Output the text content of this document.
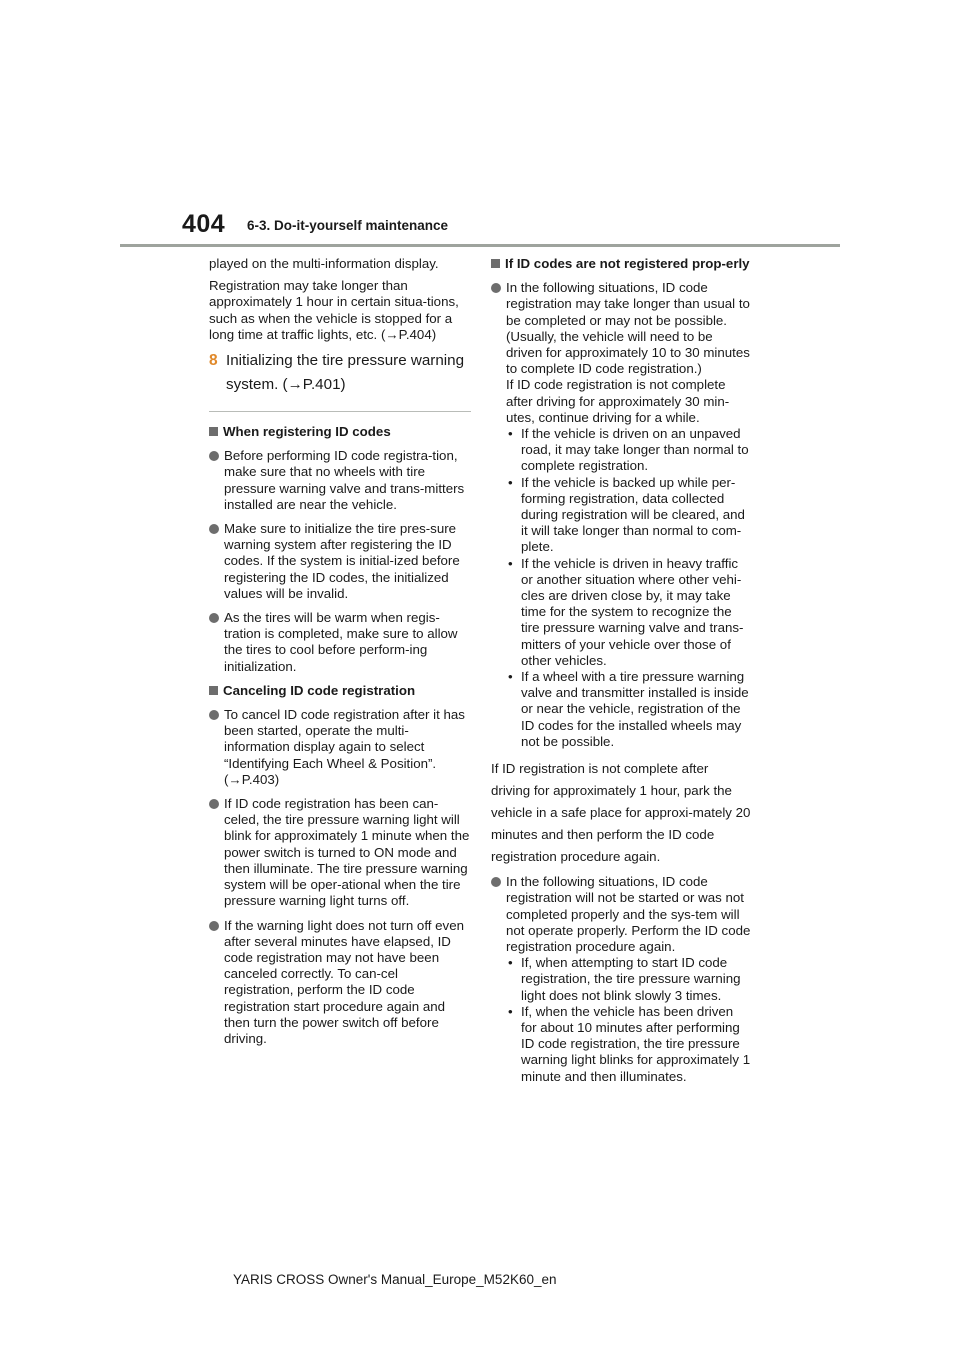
404 6-3. Do-it-yourself maintenance

played on the multi-information display.

Registration may take longer than approximately 1 hour in certain situa-tions, such as when the vehicle is stopped for a long time at traffic lights, etc. (→P.404)

8 Initializing the tire pressure warning system. (→P.401)
When registering ID codes
Before performing ID code registra-tion, make sure that no wheels with tire pressure warning valve and trans-mitters installed are near the vehicle.
Make sure to initialize the tire pres-sure warning system after registering the ID codes. If the system is initial-ized before registering the ID codes, the initialized values will be invalid.
As the tires will be warm when regis-tration is completed, make sure to allow the tires to cool before perform-ing initialization.
Canceling ID code registration
To cancel ID code registration after it has been started, operate the multi-information display again to select “Identifying Each Wheel & Position”. (→P.403)
If ID code registration has been can-celed, the tire pressure warning light will blink for approximately 1 minute when the power switch is turned to ON mode and then illuminate. The tire pressure warning system will be oper-ational when the tire pressure warning light turns off.
If the warning light does not turn off even after several minutes have elapsed, ID code registration may not have been canceled correctly. To can-cel registration, perform the ID code registration start procedure again and then turn the power switch off before driving.
If ID codes are not registered prop-erly
In the following situations, ID code registration may take longer than usual to be completed or may not be possible. (Usually, the vehicle will need to be driven for approximately 10 to 30 minutes to complete ID code registration.)
If ID code registration is not complete after driving for approximately 30 min-utes, continue driving for a while.
• If the vehicle is driven on an unpaved road, it may take longer than normal to complete registration.
• If the vehicle is backed up while per-forming registration, data collected during registration will be cleared, and it will take longer than normal to com-plete.
• If the vehicle is driven in heavy traffic or another situation where other vehi-cles are driven close by, it may take time for the system to recognize the tire pressure warning valve and trans-mitters of your vehicle over those of other vehicles.
• If a wheel with a tire pressure warning valve and transmitter installed is inside or near the vehicle, registration of the ID codes for the installed wheels may not be possible.

If ID registration is not complete after driving for approximately 1 hour, park the vehicle in a safe place for approxi-mately 20 minutes and then perform the ID code registration procedure again.

In the following situations, ID code registration will not be started or was not completed properly and the sys-tem will not operate properly. Perform the ID code registration procedure again.
• If, when attempting to start ID code registration, the tire pressure warning light does not blink slowly 3 times.
• If, when the vehicle has been driven for about 10 minutes after performing ID code registration, the tire pressure warning light blinks for approximately 1 minute and then illuminates.
YARIS CROSS Owner's Manual_Europe_M52K60_en
